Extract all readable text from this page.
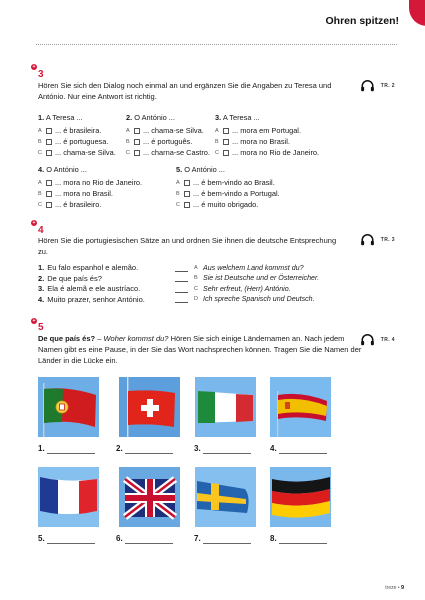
Ohren spitzen!
+
3
Hören Sie sich den Dialog noch einmal an und ergänzen Sie die Angaben zu Teresa und António. Nur eine Antwort ist richtig.
TR. 2
1. A Teresa ...
A	... é brasileira.
B	... é portuguesa.
C	... chama-se Silva.
2. O António ...
A	... chama-se Silva.
B	... é português.
C	... charna-se Castro.
3. A Teresa ...
A	... mora em Portugal.
B	... mora no Brasil.
C	... mora no Rio de Janeiro.
4. O António ...
A	... mora no Rio de Janeiro.
B	... mora no Brasil.
C	... é brasileiro.
5. O António ...
A	... é bem-vindo ao Brasil.
B	... é bem-vindo a Portugal.
C	... é muito obrigado.
+
4
Hören Sie die portugiesischen Sätze an und ordnen Sie ihnen die deutsche Entsprechung zu.
TR. 3
1. Eu falo espanhol e alemão.
2. De que país és?
3. Ela é alemã e ele austríaco.
4. Muito prazer, senhor António.
A Aus welchem Land kommst du?
B Sie ist Deutsche und er Österreicher.
C Sehr erfreut, (Herr) António.
D Ich spreche Spanisch und Deutsch.
+
5
De que país és? – Woher kommst du? Hören Sie sich einige Ländernamen an. Nach jedem Namen gibt es eine Pause, in der Sie das Wort nachsprechen können. Tragen Sie die Namen der Länder in die Lücke ein.
TR. 4
1.	2.	3.	4.
5.	6.	7.	8.
treze • 9
